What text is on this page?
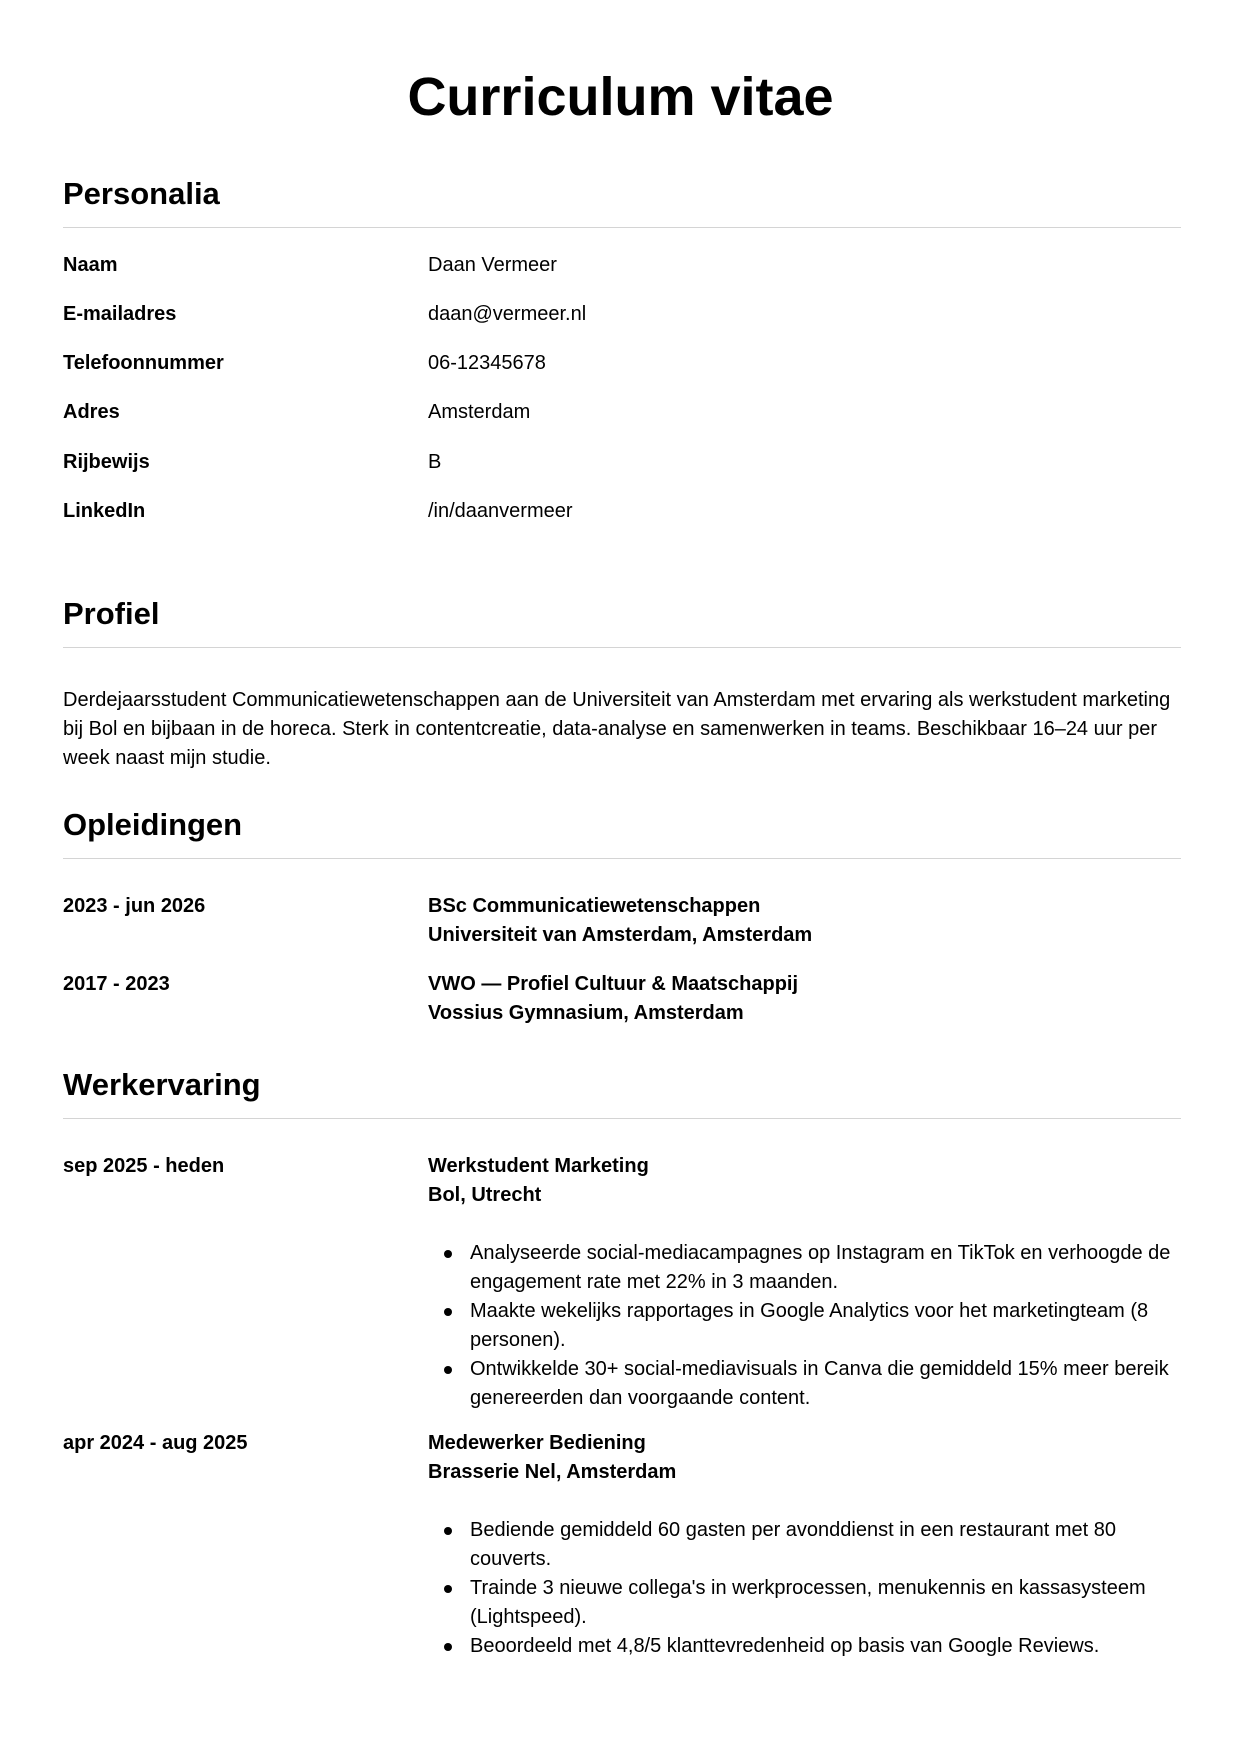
Curriculum vitae
Personalia
Naam	Daan Vermeer
E-mailadres	daan@vermeer.nl
Telefoonnummer	06-12345678
Adres	Amsterdam
Rijbewijs	B
LinkedIn	/in/daanvermeer
Profiel

Derdejaarsstudent Communicatiewetenschappen aan de Universiteit van Amsterdam met ervaring als werkstudent marketing bij Bol en bijbaan in de horeca. Sterk in contentcreatie, data-analyse en samenwerken in teams. Beschikbaar 16–24 uur per week naast mijn studie.

Opleidingen
2023 - jun 2026	BSc Communicatiewetenschappen
Universiteit van Amsterdam, Amsterdam
2017 - 2023	VWO — Profiel Cultuur & Maatschappij
Vossius Gymnasium, Amsterdam
Werkervaring
sep 2025 - heden	Werkstudent Marketing
Bol, Utrecht
Analyseerde social-mediacampagnes op Instagram en TikTok en verhoogde de engagement rate met 22% in 3 maanden.
Maakte wekelijks rapportages in Google Analytics voor het marketingteam (8 personen).
Ontwikkelde 30+ social-mediavisuals in Canva die gemiddeld 15% meer bereik genereerden dan voorgaande content.
apr 2024 - aug 2025	Medewerker Bediening
Brasserie Nel, Amsterdam
Bediende gemiddeld 60 gasten per avonddienst in een restaurant met 80 couverts.
Trainde 3 nieuwe collega's in werkprocessen, menukennis en kassasysteem (Lightspeed).
Beoordeeld met 4,8/5 klanttevredenheid op basis van Google Reviews.
